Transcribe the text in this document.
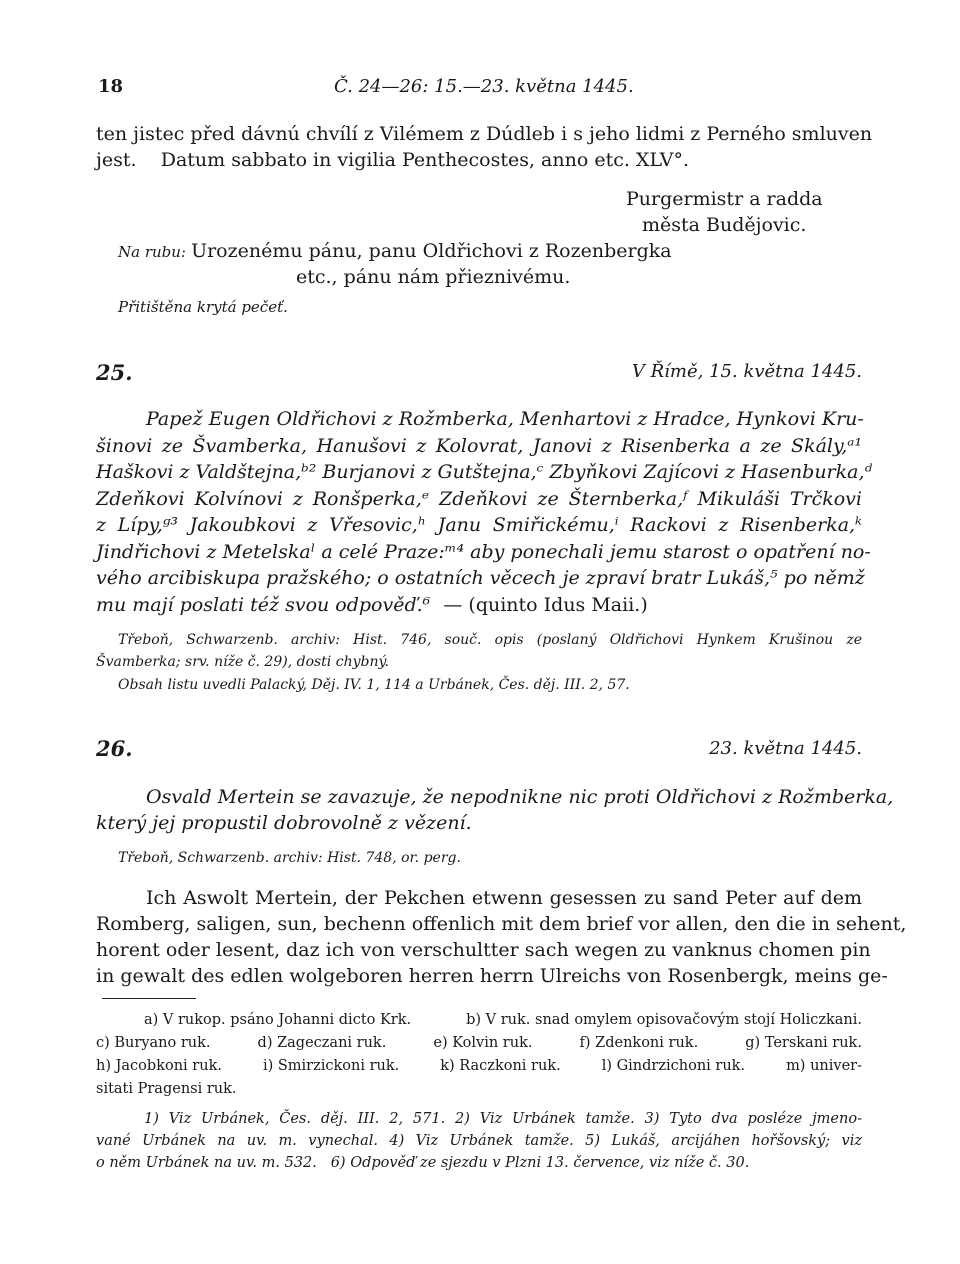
18	Č. 24—26: 15.—23. května 1445.
ten jistec před dávnú chvílí z Vilémem z Dúdleb i s jeho lidmi z Perného smluven
jest.    Datum sabbato in vigilia Penthecostes, anno etc. XLV°.
Purgermistr a radda
města Budějovic.
Na rubu: Urozenému pánu, panu Oldřichovi z Rozenbergka
etc., pánu nám přieznivému.
Přitištěna krytá pečeť.
25.	V Římě, 15. května 1445.
Papež Eugen Oldřichovi z Rožmberka, Menhartovi z Hradce, Hynkovi Kru-
šinovi ze Švamberka, Hanušovi z Kolovrat, Janovi z Risenberka a ze Skály,ᵃ¹
Haškovi z Valdštejna,ᵇ² Burjanovi z Gutštejna,ᶜ Zbyňkovi Zajícovi z Hasenburka,ᵈ
Zdeňkovi Kolvínovi z Ronšperka,ᵉ Zdeňkovi ze Šternberka,ᶠ Mikuláši Trčkovi
z Lípy,ᵍ³ Jakoubkovi z Vřesovic,ʰ Janu Smiřickému,ⁱ Rackovi z Risenberka,ᵏ
Jindřichovi z Metelskaˡ a celé Praze:ᵐ⁴ aby ponechali jemu starost o opatření no-
vého arcibiskupa pražského; o ostatních věcech je zpraví bratr Lukáš,⁵ po němž
mu mají poslati též svou odpověď.⁶ — (quinto Idus Maii.)
Třeboň, Schwarzenb. archiv: Hist. 746, souč. opis (poslaný Oldřichovi Hynkem Krušinou ze
Švamberka; srv. níže č. 29), dosti chybný.
Obsah listu uvedli Palacký, Děj. IV. 1, 114 a Urbánek, Čes. děj. III. 2, 57.
26.	23. května 1445.
Osvald Mertein se zavazuje, že nepodnikne nic proti Oldřichovi z Rožmberka,
který jej propustil dobrovolně z vězení.
Třeboň, Schwarzenb. archiv: Hist. 748, or. perg.
Ich Aswolt Mertein, der Pekchen etwenn gesessen zu sand Peter auf dem
Romberg, saligen, sun, bechenn offenlich mit dem brief vor allen, den die in sehent,
horent oder lesent, daz ich von verschultter sach wegen zu vanknus chomen pin
in gewalt des edlen wolgeboren herren herrn Ulreichs von Rosenbergk, meins ge-
a) V rukop. psáno Johanni dicto Krk.	b) V ruk. snad omylem opisovačovým stojí Holiczkani.
c) Buryano ruk.	d) Zageczani ruk.	e) Kolvin ruk.	f) Zdenkoni ruk.	g) Terskani ruk.
h) Jacobkoni ruk.	i) Smirzickoni ruk.	k) Raczkoni ruk.	l) Gindrzichoni ruk.	m) univer-
sitati Pragensi ruk.
1) Viz Urbánek, Čes. děj. III. 2, 571. 2) Viz Urbánek tamže. 3) Tyto dva posléze jmeno-
vané Urbánek na uv. m. vynechal. 4) Viz Urbánek tamže. 5) Lukáš, arcijáhen hořšovský; viz
o něm Urbánek na uv. m. 532.   6) Odpověď ze sjezdu v Plzni 13. července, viz níže č. 30.
